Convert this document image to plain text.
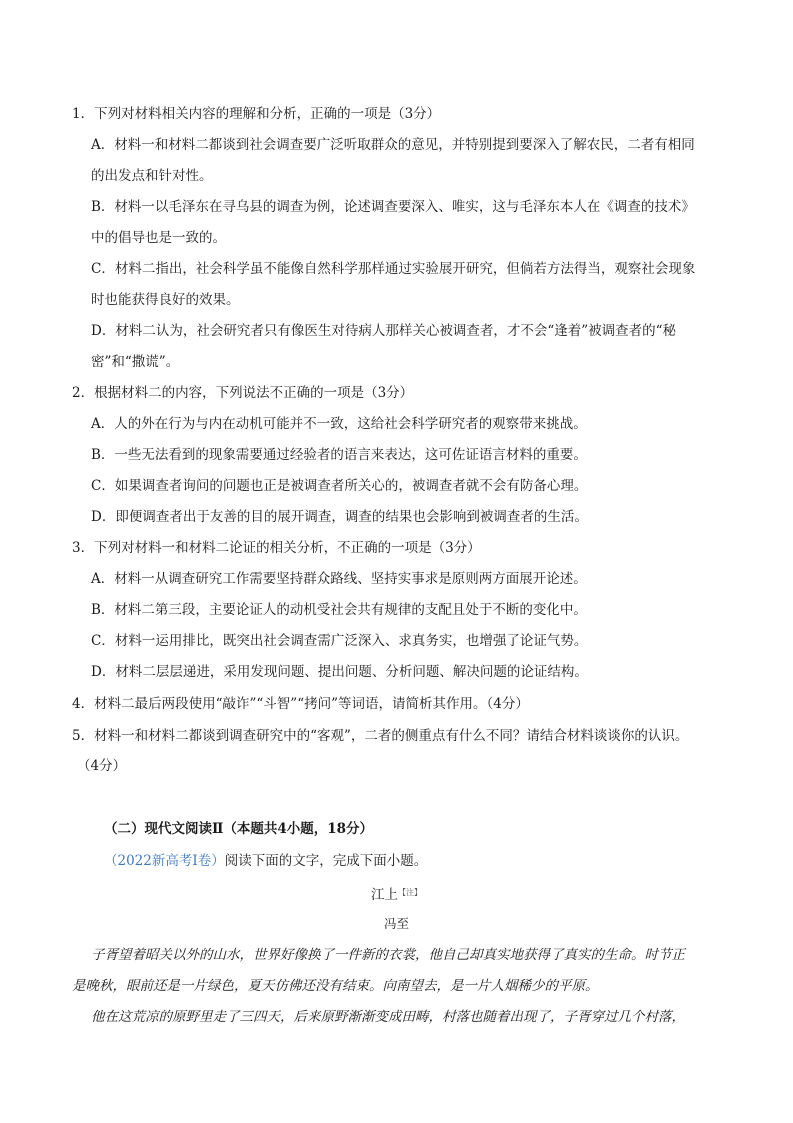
1．下列对材料相关内容的理解和分析，正确的一项是（3分）
A．材料一和材料二都谈到社会调查要广泛听取群众的意见，并特别提到要深入了解农民，二者有相同
的出发点和针对性。
B．材料一以毛泽东在寻乌县的调查为例，论述调查要深入、唯实，这与毛泽东本人在《调查的技术》
中的倡导也是一致的。
C．材料二指出，社会科学虽不能像自然科学那样通过实验展开研究，但倘若方法得当，观察社会现象
时也能获得良好的效果。
D．材料二认为，社会研究者只有像医生对待病人那样关心被调查者，才不会“逢着”被调查者的“秘
密”和“撒谎”。
2．根据材料二的内容，下列说法不正确的一项是（3分）
A．人的外在行为与内在动机可能并不一致，这给社会科学研究者的观察带来挑战。
B．一些无法看到的现象需要通过经验者的语言来表达，这可佐证语言材料的重要。
C．如果调查者询问的问题也正是被调查者所关心的，被调查者就不会有防备心理。
D．即便调查者出于友善的目的展开调查，调查的结果也会影响到被调查者的生活。
3．下列对材料一和材料二论证的相关分析，不正确的一项是（3分）
A．材料一从调查研究工作需要坚持群众路线、坚持实事求是原则两方面展开论述。
B．材料二第三段，主要论证人的动机受社会共有规律的支配且处于不断的变化中。
C．材料一运用排比，既突出社会调查需广泛深入、求真务实，也增强了论证气势。
D．材料二层层递进，采用发现问题、提出问题、分析问题、解决问题的论证结构。
4．材料二最后两段使用“敲诈”“斗智”“拷问”等词语，请简析其作用。（4分）
5．材料一和材料二都谈到调查研究中的“客观”，二者的侧重点有什么不同？请结合材料谈谈你的认识。
（4分）
（二）现代文阅读Ⅱ（本题共4小题，18分）
（2022新高考Ⅰ卷）阅读下面的文字，完成下面小题。
江上$^{【注】}$
冯至
子胥望着昭关以外的山水，世界好像换了一件新的衣裳，他自己却真实地获得了真实的生命。时节正
是晚秋，眼前还是一片绿色，夏天仿佛还没有结束。向南望去，是一片人烟稀少的平原。
他在这荒凉的原野里走了三四天，后来原野渐渐变成田畴，村落也随着出现了，子胥穿过几个村落，
